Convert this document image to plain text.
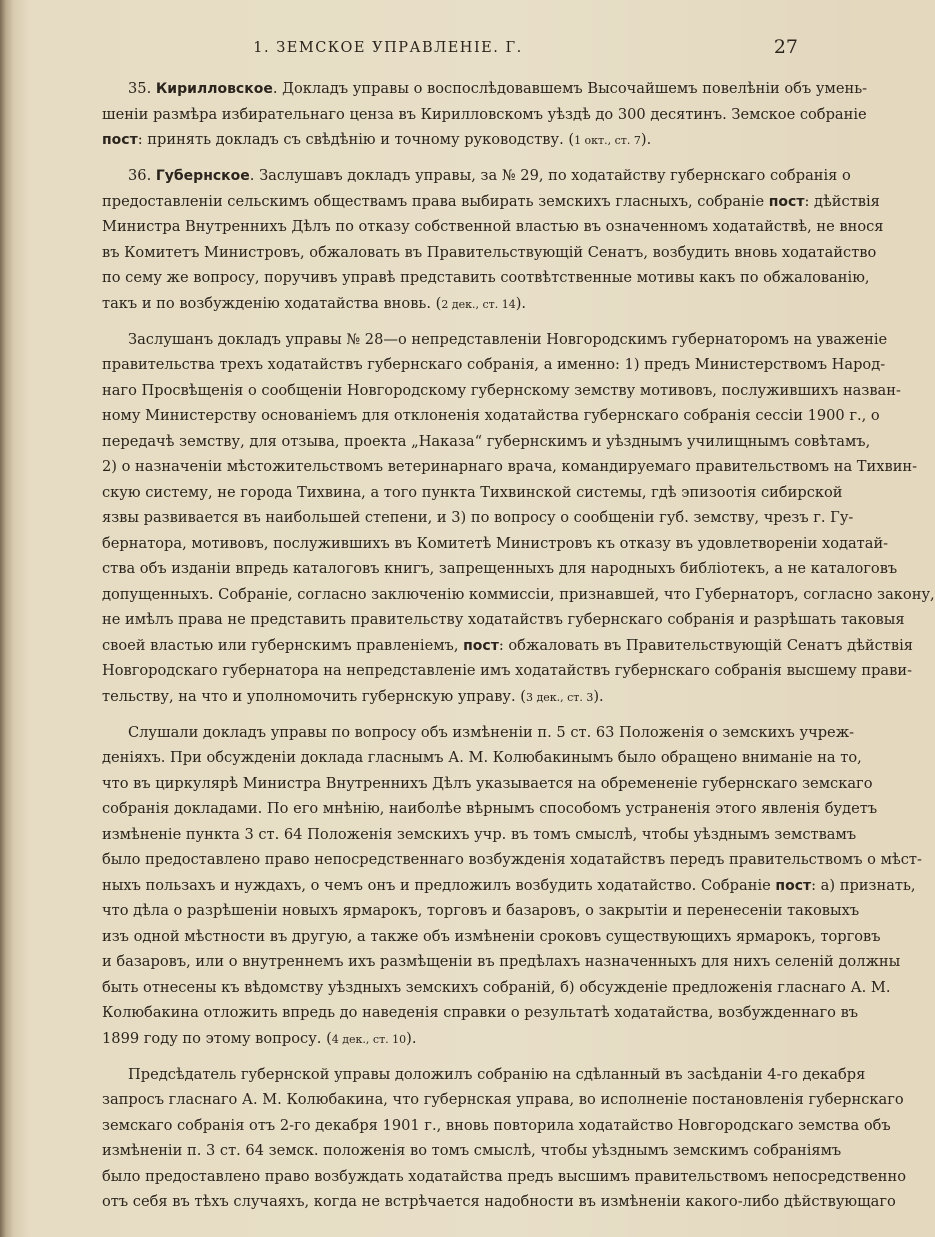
1. ЗЕМСКОЕ УПРАВЛЕНІЕ. Г.	27
35. Кирилловское. Докладъ управы о воспослѣдовавшемъ Высочайшемъ повелѣніи объ умень-
шеніи размѣра избирательнаго ценза въ Кирилловскомъ уѣздѣ до 300 десятинъ. Земское собраніе
пост: принять докладъ съ свѣдѣнію и точному руководству. (1 окт., ст. 7).
36. Губернское. Заслушавъ докладъ управы, за № 29, по ходатайству губернскаго собранія о
предоставленіи сельскимъ обществамъ права выбирать земскихъ гласныхъ, собраніе пост: дѣйствія
Министра Внутреннихъ Дѣлъ по отказу собственной властью въ означенномъ ходатайствѣ, не внося
въ Комитетъ Министровъ, обжаловать въ Правительствующій Сенатъ, возбудить вновь ходатайство
по сему же вопросу, поручивъ управѣ представить соотвѣтственные мотивы какъ по обжалованію,
такъ и по возбужденію ходатайства вновь. (2 дек., ст. 14).
Заслушанъ докладъ управы № 28—о непредставленіи Новгородскимъ губернаторомъ на уваженіе
правительства трехъ ходатайствъ губернскаго собранія, а именно: 1) предъ Министерствомъ Народ-
наго Просвѣщенія о сообщеніи Новгородскому губернскому земству мотивовъ, послужившихъ назван-
ному Министерству основаніемъ для отклоненія ходатайства губернскаго собранія сессіи 1900 г., о
передачѣ земству, для отзыва, проекта „Наказа“ губернскимъ и уѣзднымъ училищнымъ совѣтамъ,
2) о назначеніи мѣстожительствомъ ветеринарнаго врача, командируемаго правительствомъ на Тихвин-
скую систему, не города Тихвина, а того пункта Тихвинской системы, гдѣ эпизоотія сибирской
язвы развивается въ наибольшей степени, и 3) по вопросу о сообщеніи губ. земству, чрезъ г. Гу-
бернатора, мотивовъ, послужившихъ въ Комитетѣ Министровъ къ отказу въ удовлетвореніи ходатай-
ства объ изданіи впредь каталоговъ книгъ, запрещенныхъ для народныхъ библіотекъ, а не каталоговъ
допущенныхъ. Собраніе, согласно заключенію коммиссіи, признавшей, что Губернаторъ, согласно закону,
не имѣлъ права не представить правительству ходатайствъ губернскаго собранія и разрѣшать таковыя
своей властью или губернскимъ правленіемъ, пост: обжаловать въ Правительствующій Сенатъ дѣйствія
Новгородскаго губернатора на непредставленіе имъ ходатайствъ губернскаго собранія высшему прави-
тельству, на что и уполномочить губернскую управу. (3 дек., ст. 3).
Слушали докладъ управы по вопросу объ измѣненіи п. 5 ст. 63 Положенія о земскихъ учреж-
деніяхъ. При обсужденіи доклада гласнымъ А. М. Колюбакинымъ было обращено вниманіе на то,
что въ циркулярѣ Министра Внутреннихъ Дѣлъ указывается на обремененіе губернскаго земскаго
собранія докладами. По его мнѣнію, наиболѣе вѣрнымъ способомъ устраненія этого явленія будетъ
измѣненіе пункта 3 ст. 64 Положенія земскихъ учр. въ томъ смыслѣ, чтобы уѣзднымъ земствамъ
было предоставлено право непосредственнаго возбужденія ходатайствъ передъ правительствомъ о мѣст-
ныхъ пользахъ и нуждахъ, о чемъ онъ и предложилъ возбудить ходатайство. Собраніе пост: а) признать,
что дѣла о разрѣшеніи новыхъ ярмарокъ, торговъ и базаровъ, о закрытіи и перенесеніи таковыхъ
изъ одной мѣстности въ другую, а также объ измѣненіи сроковъ существующихъ ярмарокъ, торговъ
и базаровъ, или о внутреннемъ ихъ размѣщеніи въ предѣлахъ назначенныхъ для нихъ селеній должны
быть отнесены къ вѣдомству уѣздныхъ земскихъ собраній, б) обсужденіе предложенія гласнаго А. М.
Колюбакина отложить впредь до наведенія справки о результатѣ ходатайства, возбужденнаго въ
1899 году по этому вопросу. (4 дек., ст. 10).
Предсѣдатель губернской управы доложилъ собранію на сдѣланный въ засѣданіи 4-го декабря
запросъ гласнаго А. М. Колюбакина, что губернская управа, во исполненіе постановленія губернскаго
земскаго собранія отъ 2-го декабря 1901 г., вновь повторила ходатайство Новгородскаго земства объ
измѣненіи п. 3 ст. 64 земск. положенія во томъ смыслѣ, чтобы уѣзднымъ земскимъ собраніямъ
было предоставлено право возбуждать ходатайства предъ высшимъ правительствомъ непосредственно
отъ себя въ тѣхъ случаяхъ, когда не встрѣчается надобности въ измѣненіи какого-либо дѣйствующаго
